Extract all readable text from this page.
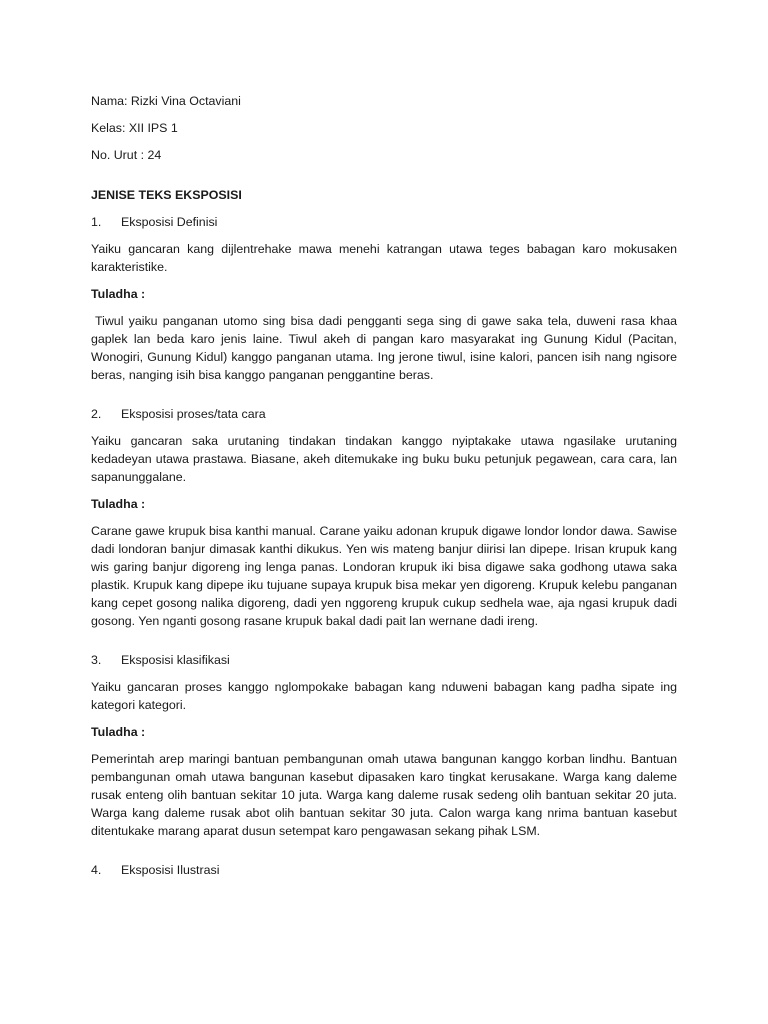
Nama: Rizki Vina Octaviani

Kelas: XII IPS 1

No. Urut : 24

JENISE TEKS EKSPOSISI

1.	Eksposisi Definisi

Yaiku gancaran kang dijlentrehake mawa menehi katrangan utawa teges babagan karo mokusaken karakteristike.

Tuladha :

Tiwul yaiku panganan utomo sing bisa dadi pengganti sega sing di gawe saka tela, duweni rasa khaa gaplek lan beda karo jenis laine. Tiwul akeh di pangan karo masyarakat ing Gunung Kidul (Pacitan, Wonogiri, Gunung Kidul) kanggo panganan utama. Ing jerone tiwul, isine kalori, pancen isih nang ngisore beras, nanging isih bisa kanggo panganan penggantine beras.

2.	Eksposisi proses/tata cara

Yaiku gancaran saka urutaning tindakan tindakan kanggo nyiptakake utawa ngasilake urutaning kedadeyan utawa prastawa. Biasane, akeh ditemukake ing buku buku petunjuk pegawean, cara cara, lan sapanunggalane.

Tuladha :

Carane gawe krupuk bisa kanthi manual. Carane yaiku adonan krupuk digawe londor londor dawa. Sawise dadi londoran banjur dimasak kanthi dikukus. Yen wis mateng banjur diirisi lan dipepe. Irisan krupuk kang wis garing banjur digoreng ing lenga panas. Londoran krupuk iki bisa digawe saka godhong utawa saka plastik. Krupuk kang dipepe iku tujuane supaya krupuk bisa mekar yen digoreng. Krupuk kelebu panganan kang cepet gosong nalika digoreng, dadi yen nggoreng krupuk cukup sedhela wae, aja ngasi krupuk dadi gosong. Yen nganti gosong rasane krupuk bakal dadi pait lan wernane dadi ireng.

3.	Eksposisi klasifikasi

Yaiku gancaran proses kanggo nglompokake babagan kang nduweni babagan kang padha sipate ing kategori kategori.

Tuladha :

Pemerintah arep maringi bantuan pembangunan omah utawa bangunan kanggo korban lindhu. Bantuan pembangunan omah utawa bangunan kasebut dipasaken karo tingkat kerusakane. Warga kang daleme rusak enteng olih bantuan sekitar 10 juta. Warga kang daleme rusak sedeng olih bantuan sekitar 20 juta. Warga kang daleme rusak abot olih bantuan sekitar 30 juta. Calon warga kang nrima bantuan kasebut ditentukake marang aparat dusun setempat karo pengawasan sekang pihak LSM.

4.	Eksposisi Ilustrasi
